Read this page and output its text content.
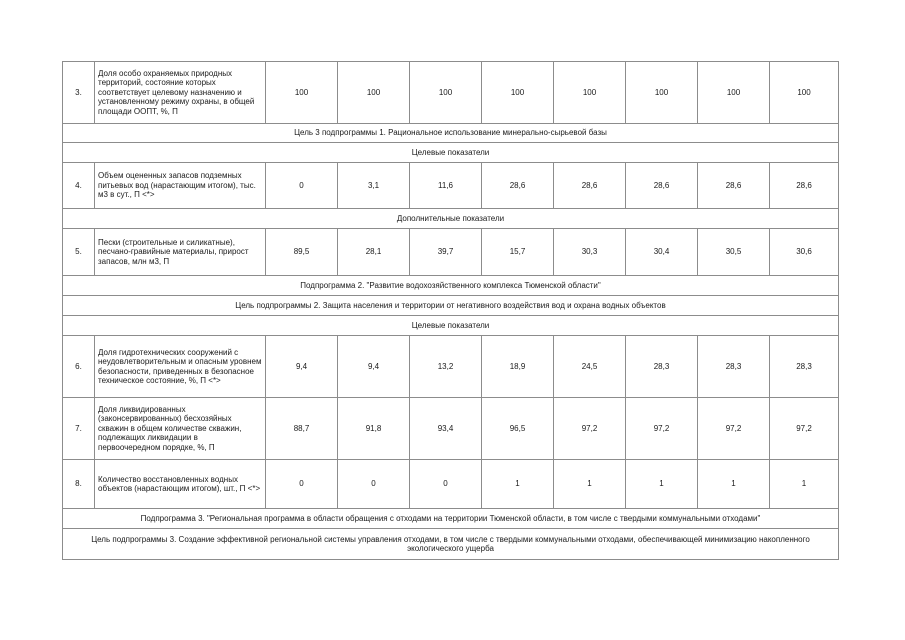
3.	Доля особо охраняемых природных территорий, состояние которых соответствует целевому назначению и установленному режиму охраны, в общей площади ООПТ, %, П	100	100	100	100	100	100	100	100
Цель 3 подпрограммы 1. Рациональное использование минерально-сырьевой базы									
Целевые показатели									
4.	Объем оцененных запасов подземных питьевых вод (нарастающим итогом), тыс. м3 в сут., П <*>	0	3,1	11,6	28,6	28,6	28,6	28,6	28,6
Дополнительные показатели									
5.	Пески (строительные и силикатные), песчано-гравийные материалы, прирост запасов, млн м3, П	89,5	28,1	39,7	15,7	30,3	30,4	30,5	30,6
Подпрограмма 2. "Развитие водохозяйственного комплекса Тюменской области"									
Цель подпрограммы 2. Защита населения и территории от негативного воздействия вод и охрана водных объектов									
Целевые показатели									
6.	Доля гидротехнических сооружений с неудовлетворительным и опасным уровнем безопасности, приведенных в безопасное техническое состояние, %, П <*>	9,4	9,4	13,2	18,9	24,5	28,3	28,3	28,3
7.	Доля ликвидированных (законсервированных) бесхозяйных скважин в общем количестве скважин, подлежащих ликвидации в первоочередном порядке, %, П	88,7	91,8	93,4	96,5	97,2	97,2	97,2	97,2
8.	Количество восстановленных водных объектов (нарастающим итогом), шт., П <*>	0	0	0	1	1	1	1	1
Подпрограмма 3. "Региональная программа в области обращения с отходами на территории Тюменской области, в том числе с твердыми коммунальными отходами"									
Цель подпрограммы 3. Создание эффективной региональной системы управления отходами, в том числе с твердыми коммунальными отходами, обеспечивающей минимизацию накопленного экологического ущерба									
